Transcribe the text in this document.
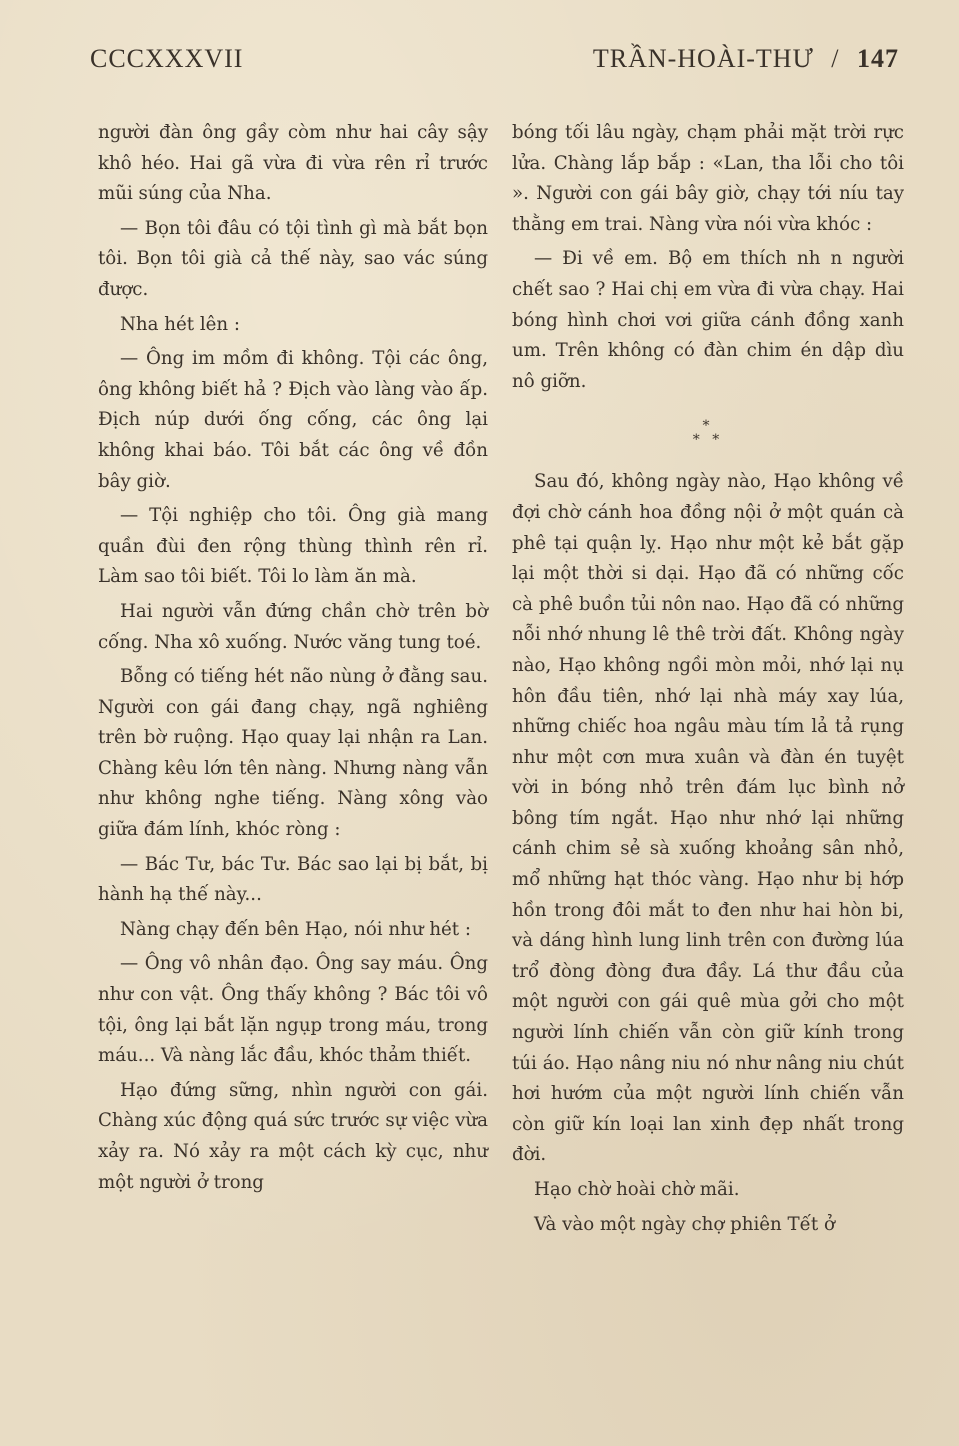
CCCXXXVII	TRẦN-HOÀI-THƯ / 147

người đàn ông gầy còm như hai cây sậy khô héo. Hai gã vừa đi vừa rên rỉ trước mũi súng của Nha.

— Bọn tôi đâu có tội tình gì mà bắt bọn tôi. Bọn tôi già cả thế này, sao vác súng được.

Nha hét lên :

— Ông im mồm đi không. Tội các ông, ông không biết hả ? Địch vào làng vào ấp. Địch núp dưới ống cống, các ông lại không khai báo. Tôi bắt các ông về đồn bây giờ.

— Tội nghiệp cho tôi. Ông già mang quần đùi đen rộng thùng thình rên rỉ. Làm sao tôi biết. Tôi lo làm ăn mà.

Hai người vẫn đứng chần chờ trên bờ cống. Nha xô xuống. Nước văng tung toé.

Bỗng có tiếng hét não nùng ở đằng sau. Người con gái đang chạy, ngã nghiêng trên bờ ruộng. Hạo quay lại nhận ra Lan. Chàng kêu lớn tên nàng. Nhưng nàng vẫn như không nghe tiếng. Nàng xông vào giữa đám lính, khóc ròng :

— Bác Tư, bác Tư. Bác sao lại bị bắt, bị hành hạ thế này...

Nàng chạy đến bên Hạo, nói như hét :

— Ông vô nhân đạo. Ông say máu. Ông như con vật. Ông thấy không ? Bác tôi vô tội, ông lại bắt lặn ngụp trong máu, trong máu... Và nàng lắc đầu, khóc thảm thiết.

Hạo đứng sững, nhìn người con gái. Chàng xúc động quá sức trước sự việc vừa xảy ra. Nó xảy ra một cách kỳ cục, như một người ở trong

bóng tối lâu ngày, chạm phải mặt trời rực lửa. Chàng lắp bắp : «Lan, tha lỗi cho tôi ». Người con gái bây giờ, chạy tới níu tay thằng em trai. Nàng vừa nói vừa khóc :

— Đi về em. Bộ em thích nh n người chết sao ? Hai chị em vừa đi vừa chạy. Hai bóng hình chơi vơi giữa cánh đồng xanh um. Trên không có đàn chim én dập dìu nô giỡn.

*
* *

Sau đó, không ngày nào, Hạo không về đợi chờ cánh hoa đồng nội ở một quán cà phê tại quận lỵ. Hạo như một kẻ bắt gặp lại một thời si dại. Hạo đã có những cốc cà phê buồn tủi nôn nao. Hạo đã có những nỗi nhớ nhung lê thê trời đất. Không ngày nào, Hạo không ngồi mòn mỏi, nhớ lại nụ hôn đầu tiên, nhớ lại nhà máy xay lúa, những chiếc hoa ngâu màu tím lả tả rụng như một cơn mưa xuân và đàn én tuyệt vời in bóng nhỏ trên đám lục bình nở bông tím ngắt. Hạo như nhớ lại những cánh chim sẻ sà xuống khoảng sân nhỏ, mổ những hạt thóc vàng. Hạo như bị hớp hồn trong đôi mắt to đen như hai hòn bi, và dáng hình lung linh trên con đường lúa trổ đòng đòng đưa đầy. Lá thư đầu của một người con gái quê mùa gởi cho một người lính chiến vẫn còn giữ kính trong túi áo. Hạo nâng niu nó như nâng niu chút hơi hướm của một người lính chiến vẫn còn giữ kín loại lan xinh đẹp nhất trong đời.

Hạo chờ hoài chờ mãi.

Và vào một ngày chợ phiên Tết ở
